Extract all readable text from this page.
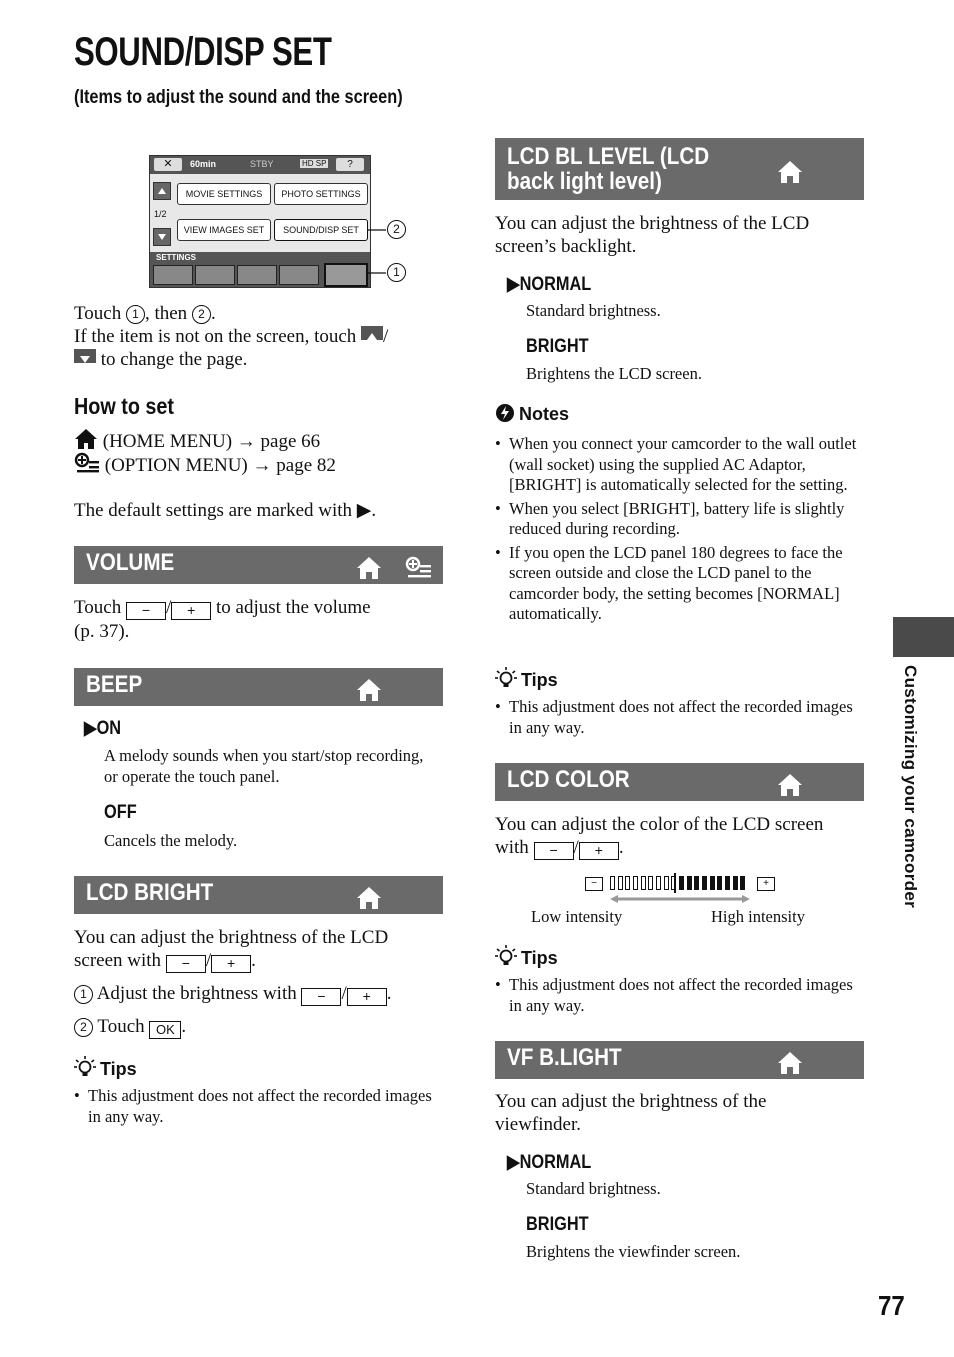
SOUND/DISP SET
(Items to adjust the sound and the screen)
✕	60min	STBY	HD SP	?
1/2
MOVIE SETTINGS	PHOTO SETTINGS
VIEW IMAGES SET	SOUND/DISP SET
SETTINGS
2
1
Touch 1 , then 2 .
If the item is not on the screen, touch /
to change the page.
How to set
(HOME MENU) → page 66
(OPTION MENU) → page 82
The default settings are marked with ▶.
VOLUME
Touch − / + to adjust the volume
(p. 37).
BEEP
▶ON
A melody sounds when you start/stop recording, or operate the touch panel.
OFF
Cancels the melody.
LCD BRIGHT
You can adjust the brightness of the LCD
screen with − / + .
1 Adjust the brightness with − / + .
2 Touch OK .
Tips
• This adjustment does not affect the recorded images in any way.
LCD BL LEVEL (LCD
back light level)
You can adjust the brightness of the LCD screen’s backlight.
▶NORMAL
Standard brightness.
BRIGHT
Brightens the LCD screen.
Notes
• When you connect your camcorder to the wall outlet (wall socket) using the supplied AC Adaptor, [BRIGHT] is automatically selected for the setting.
• When you select [BRIGHT], battery life is slightly reduced during recording.
• If you open the LCD panel 180 degrees to face the screen outside and close the LCD panel to the camcorder body, the setting becomes [NORMAL] automatically.
Tips
• This adjustment does not affect the recorded images in any way.
LCD COLOR
You can adjust the color of the LCD screen
with − / + .
−	+
Low intensity	High intensity
Tips
• This adjustment does not affect the recorded images in any way.
VF B.LIGHT
You can adjust the brightness of the viewfinder.
▶NORMAL
Standard brightness.
BRIGHT
Brightens the viewfinder screen.
Customizing your camcorder
77
